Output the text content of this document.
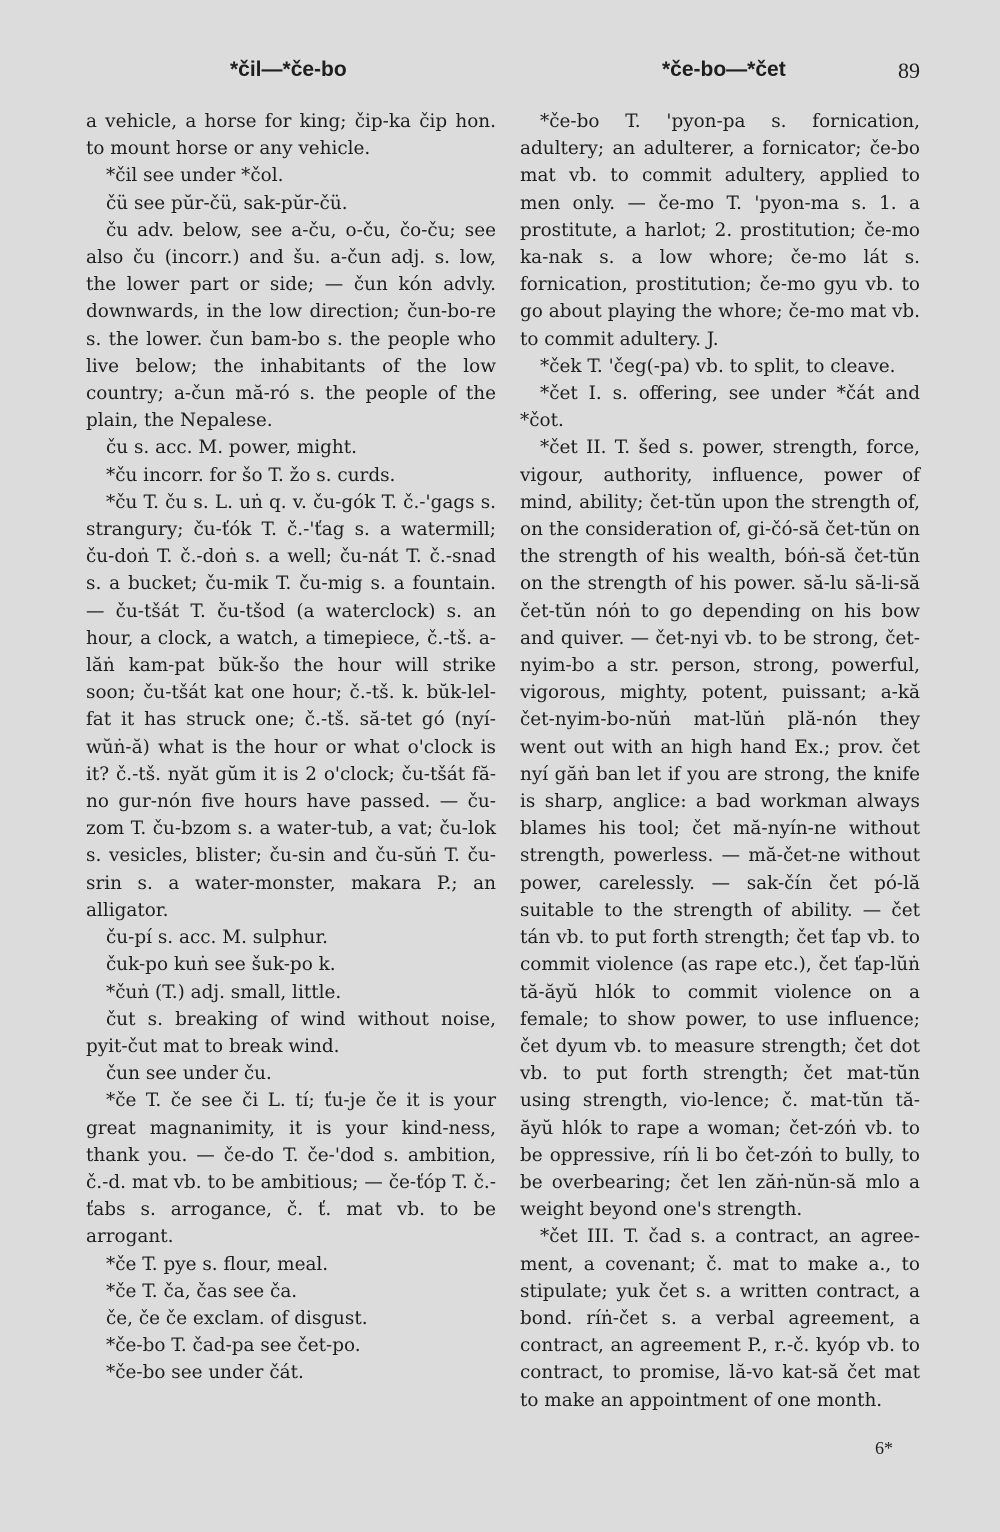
*čil—*če-bo	*če-bo—*čet	89

a vehicle, a horse for king; čip-ka čip hon. to mount horse or any vehicle.

*čil see under *čol.

čü see pŭr-čü, sak-pŭr-čü.

ču adv. below, see a-ču, o-ču, čo-ču; see also ču (incorr.) and šu. a-čun adj. s. low, the lower part or side; — čun kón advly. downwards, in the low direction; čun-bo-re s. the lower. čun bam-bo s. the people who live below; the inhabitants of the low country; a-čun mă-ró s. the people of the plain, the Nepalese.

ču s. acc. M. power, might.

*ču incorr. for šo T. žo s. curds.

*ču T. ču s. L. uṅ q. v. ču-gók T. č.-'gags s. strangury; ču-ťók T. č.-'ťag s. a watermill; ču-doṅ T. č.-doṅ s. a well; ču-nát T. č.-snad s. a bucket; ču-mik T. ču-mig s. a fountain. — ču-tšát T. ču-tšod (a waterclock) s. an hour, a clock, a watch, a timepiece, č.-tš. a-lăṅ kam-pat bŭk-šo the hour will strike soon; ču-tšát kat one hour; č.-tš. k. bŭk-lel-fat it has struck one; č.-tš. să-tet gó (nyí-wŭṅ-ă) what is the hour or what o'clock is it? č.-tš. nyăt gŭm it is 2 o'clock; ču-tšát fă-no gur-nón five hours have passed. — ču-zom T. ču-bzom s. a water-tub, a vat; ču-lok s. vesicles, blister; ču-sin and ču-sŭṅ T. ču-srin s. a water-monster, makara P.; an alligator.

ču-pí s. acc. M. sulphur.

čuk-po kuṅ see šuk-po k.

*čuṅ (T.) adj. small, little.

čut s. breaking of wind without noise, pyit-čut mat to break wind.

čun see under ču.

*če T. če see či L. tí; ťu-je če it is your great magnanimity, it is your kind-ness, thank you. — če-do T. če-'dod s. ambition, č.-d. mat vb. to be ambitious; — če-ťóp T. č.-ťabs s. arrogance, č. ť. mat vb. to be arrogant.

*če T. pye s. flour, meal.

*če T. ča, čas see ča.

če, če če exclam. of disgust.

*če-bo T. čad-pa see čet-po.

*če-bo see under čát.

*če-bo T. 'pyon-pa s. fornication, adultery; an adulterer, a fornicator; če-bo mat vb. to commit adultery, applied to men only. — če-mo T. 'pyon-ma s. 1. a prostitute, a harlot; 2. prostitution; če-mo ka-nak s. a low whore; če-mo lát s. fornication, prostitution; če-mo gyu vb. to go about playing the whore; če-mo mat vb. to commit adultery. J.

*ček T. 'čeg(-pa) vb. to split, to cleave.

*čet I. s. offering, see under *čát and *čot.

*čet II. T. šed s. power, strength, force, vigour, authority, influence, power of mind, ability; čet-tŭn upon the strength of, on the consideration of, gi-čó-să čet-tŭn on the strength of his wealth, bóṅ-să čet-tŭn on the strength of his power. să-lu să-li-să čet-tŭn nóṅ to go depending on his bow and quiver. — čet-nyi vb. to be strong, čet-nyim-bo a str. person, strong, powerful, vigorous, mighty, potent, puissant; a-kă čet-nyim-bo-nŭṅ mat-lŭṅ plă-nón they went out with an high hand Ex.; prov. čet nyí găṅ ban let if you are strong, the knife is sharp, anglice: a bad workman always blames his tool; čet mă-nyín-ne without strength, powerless. — mă-čet-ne without power, carelessly. — sak-čín čet pó-lă suitable to the strength of ability. — čet tán vb. to put forth strength; čet ťap vb. to commit violence (as rape etc.), čet ťap-lŭṅ tă-ăyŭ hlók to commit violence on a female; to show power, to use influence; čet dyum vb. to measure strength; čet dot vb. to put forth strength; čet mat-tŭn using strength, vio-lence; č. mat-tŭn tă-ăyŭ hlók to rape a woman; čet-zóṅ vb. to be oppressive, ríṅ li bo čet-zóṅ to bully, to be overbearing; čet len zăṅ-nŭn-să mlo a weight beyond one's strength.

*čet III. T. čad s. a contract, an agree-ment, a covenant; č. mat to make a., to stipulate; yuk čet s. a written contract, a bond. ríṅ-čet s. a verbal agreement, a contract, an agreement P., r.-č. kyóp vb. to contract, to promise, lă-vo kat-să čet mat to make an appointment of one month.

6*
